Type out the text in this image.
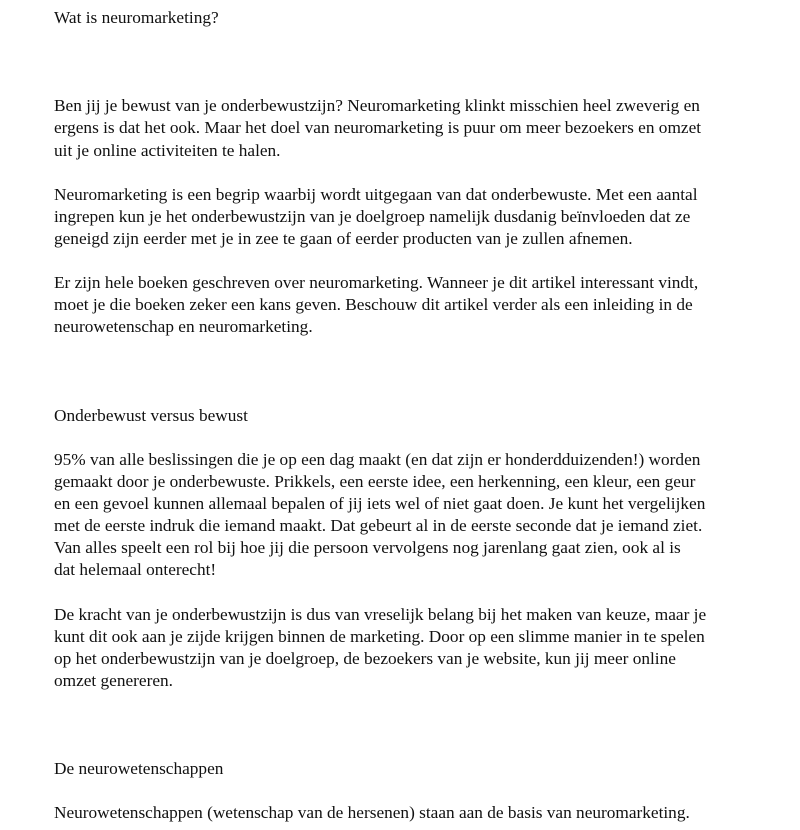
Wat is neuromarketing?
Ben jij je bewust van je onderbewustzijn? Neuromarketing klinkt misschien heel zweverig en
ergens is dat het ook. Maar het doel van neuromarketing is puur om meer bezoekers en omzet
uit je online activiteiten te halen.
Neuromarketing is een begrip waarbij wordt uitgegaan van dat onderbewuste. Met een aantal
ingrepen kun je het onderbewustzijn van je doelgroep namelijk dusdanig beïnvloeden dat ze
geneigd zijn eerder met je in zee te gaan of eerder producten van je zullen afnemen.
Er zijn hele boeken geschreven over neuromarketing. Wanneer je dit artikel interessant vindt,
moet je die boeken zeker een kans geven. Beschouw dit artikel verder als een inleiding in de
neurowetenschap en neuromarketing.
Onderbewust versus bewust
95% van alle beslissingen die je op een dag maakt (en dat zijn er honderdduizenden!) worden
gemaakt door je onderbewuste. Prikkels, een eerste idee, een herkenning, een kleur, een geur
en een gevoel kunnen allemaal bepalen of jij iets wel of niet gaat doen. Je kunt het vergelijken
met de eerste indruk die iemand maakt. Dat gebeurt al in de eerste seconde dat je iemand ziet.
Van alles speelt een rol bij hoe jij die persoon vervolgens nog jarenlang gaat zien, ook al is
dat helemaal onterecht!
De kracht van je onderbewustzijn is dus van vreselijk belang bij het maken van keuze, maar je
kunt dit ook aan je zijde krijgen binnen de marketing. Door op een slimme manier in te spelen
op het onderbewustzijn van je doelgroep, de bezoekers van je website, kun jij meer online
omzet genereren.
De neurowetenschappen
Neurowetenschappen (wetenschap van de hersenen) staan aan de basis van neuromarketing.
